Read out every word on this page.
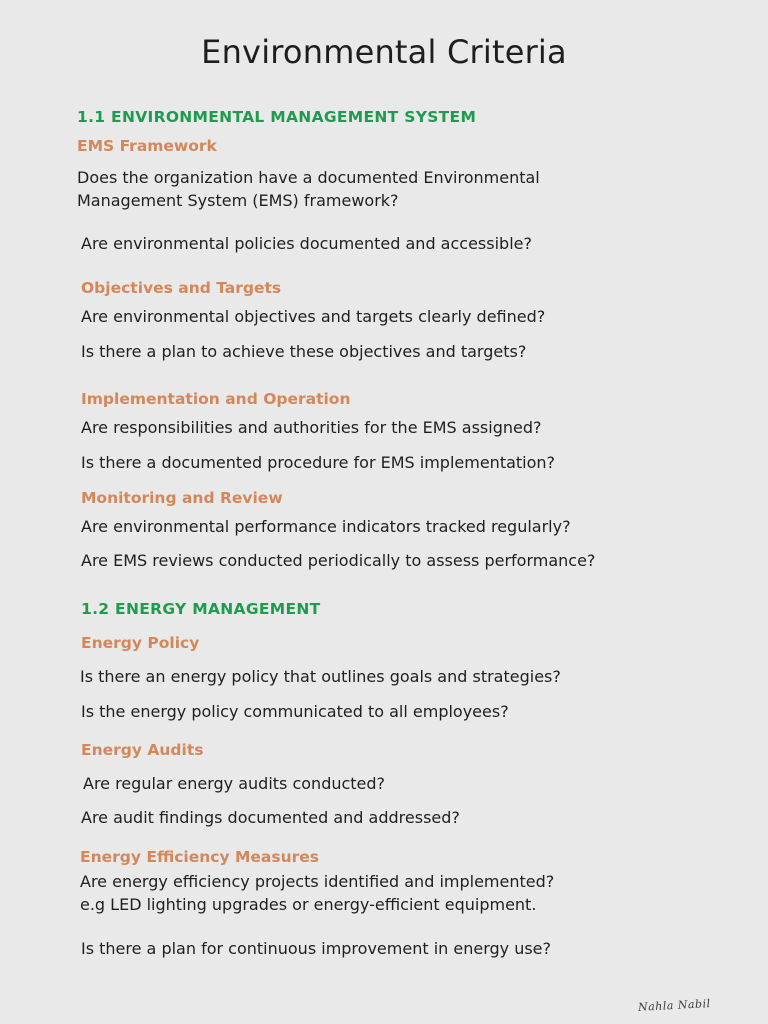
Environmental Criteria
1.1 ENVIRONMENTAL MANAGEMENT SYSTEM
EMS Framework

Does the organization have a documented Environmental

Management System (EMS) framework?

Are environmental policies documented and accessible?

Objectives and Targets

Are environmental objectives and targets clearly defined?

Is there a plan to achieve these objectives and targets?

Implementation and Operation

Are responsibilities and authorities for the EMS assigned?

Is there a documented procedure for EMS implementation?

Monitoring and Review

Are environmental performance indicators tracked regularly?

Are EMS reviews conducted periodically to assess performance?

1.2 ENERGY MANAGEMENT
Energy Policy

Is there an energy policy that outlines goals and strategies?

Is the energy policy communicated to all employees?

Energy Audits

Are regular energy audits conducted?

Are audit findings documented and addressed?

Energy Efficiency Measures

Are energy efficiency projects identified and implemented?

e.g LED lighting upgrades or energy-efficient equipment.

Is there a plan for continuous improvement in energy use?

Nahla Nabil
